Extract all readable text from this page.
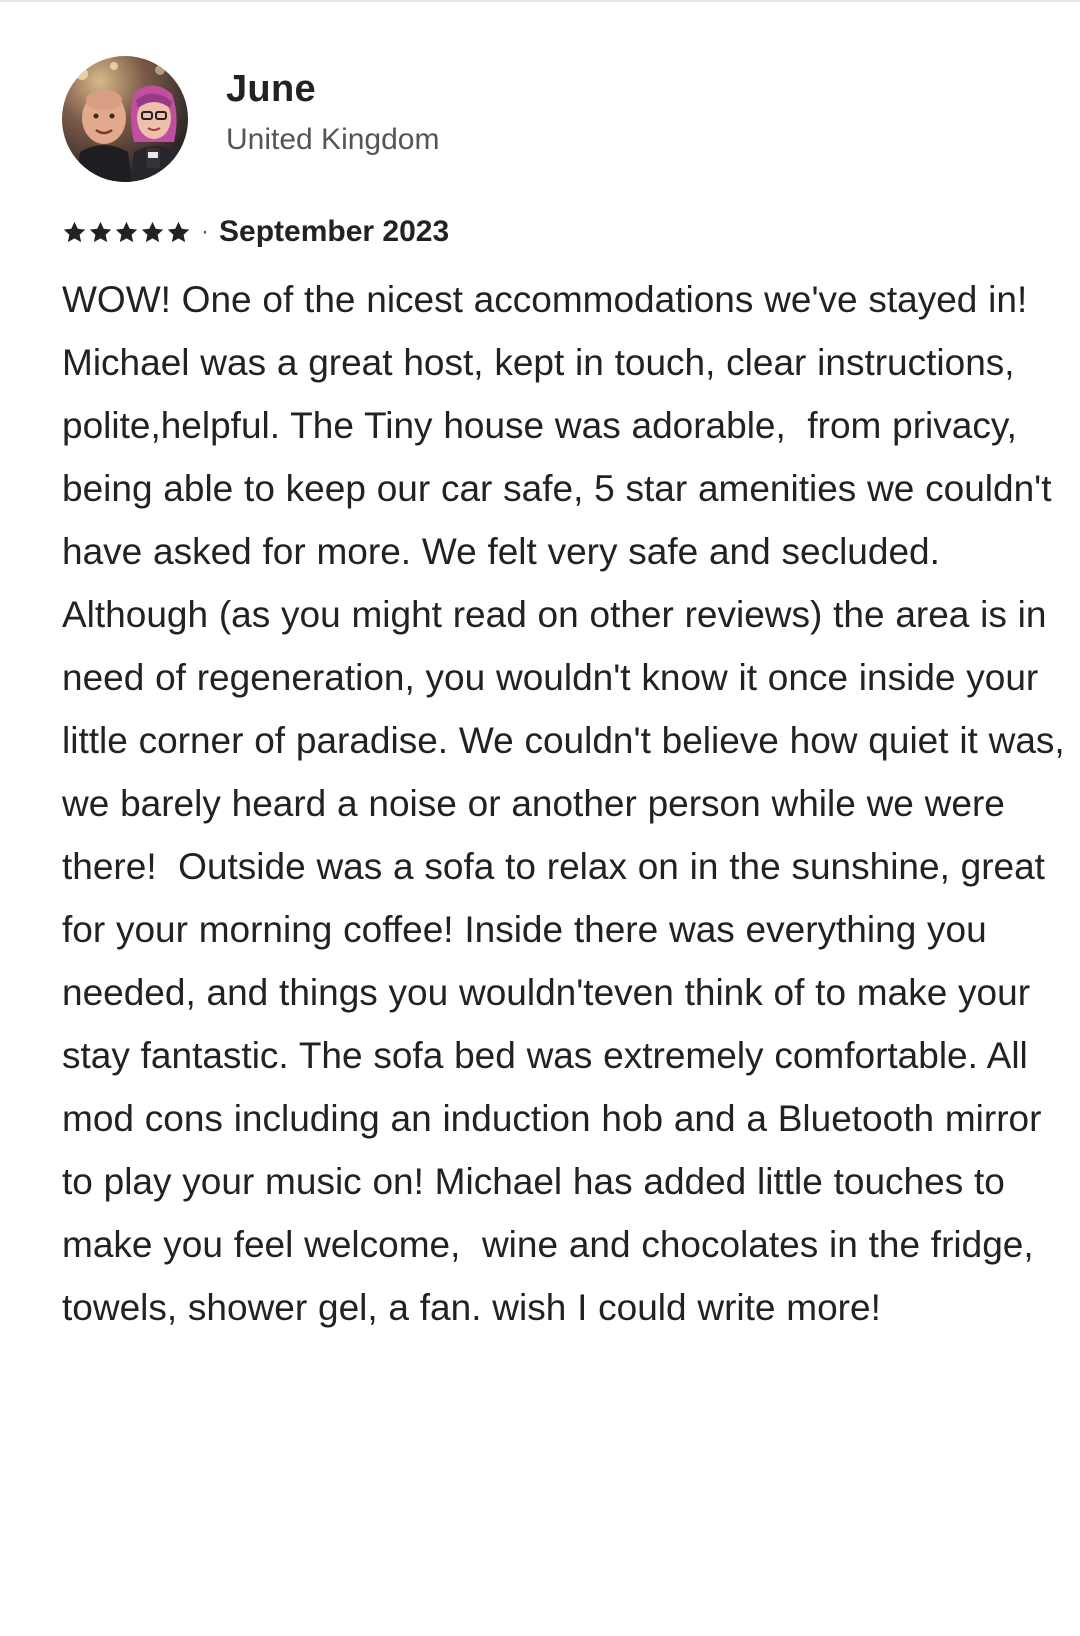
June
United Kingdom
· September 2023
WOW! One of the nicest accommodations we've stayed in! Michael was a great host, kept in touch, clear instructions, polite,helpful. The Tiny house was adorable,  from privacy, being able to keep our car safe, 5 star amenities we couldn't have asked for more. We felt very safe and secluded. Although (as you might read on other reviews) the area is in need of regeneration, you wouldn't know it once inside your little corner of paradise. We couldn't believe how quiet it was, we barely heard a noise or another person while we were there!  Outside was a sofa to relax on in the sunshine, great for your morning coffee! Inside there was everything you needed, and things you wouldn'teven think of to make your stay fantastic. The sofa bed was extremely comfortable. All mod cons including an induction hob and a Bluetooth mirror to play your music on! Michael has added little touches to make you feel welcome,  wine and chocolates in the fridge, towels, shower gel, a fan. wish I could write more!
